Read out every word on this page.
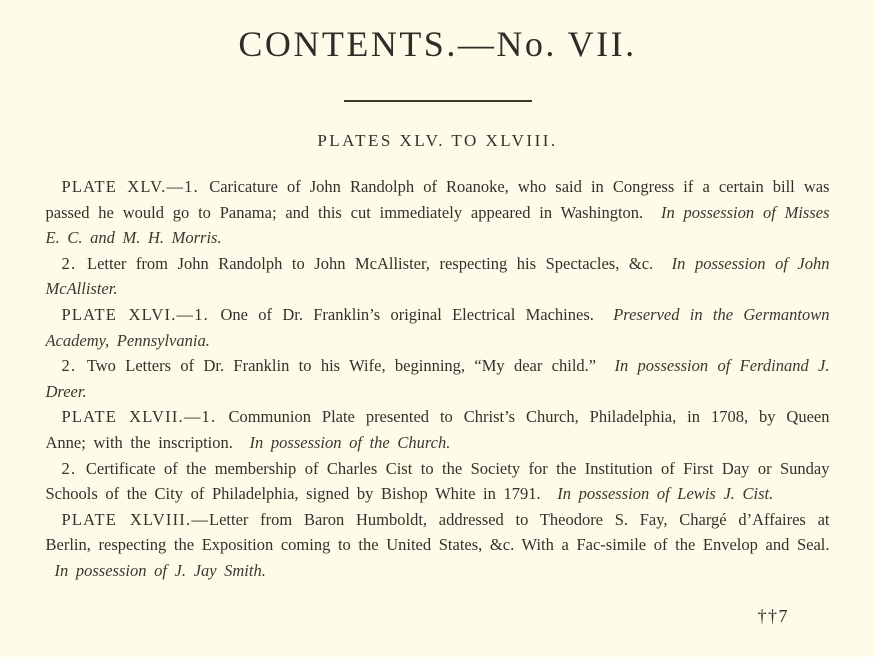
CONTENTS.—No. VII.
PLATES XLV. TO XLVIII.

PLATE XLV.—1. Caricature of John Randolph of Roanoke, who said in Congress if a certain bill was passed he would go to Panama; and this cut immediately appeared in Washington. In possession of Misses E. C. and M. H. Morris.

2. Letter from John Randolph to John McAllister, respecting his Spectacles, &c. In possession of John McAllister.

PLATE XLVI.—1. One of Dr. Franklin’s original Electrical Machines. Preserved in the Germantown Academy, Pennsylvania.

2. Two Letters of Dr. Franklin to his Wife, beginning, “My dear child.” In possession of Ferdinand J. Dreer.

PLATE XLVII.—1. Communion Plate presented to Christ’s Church, Philadelphia, in 1708, by Queen Anne; with the inscription. In possession of the Church.

2. Certificate of the membership of Charles Cist to the Society for the Institution of First Day or Sunday Schools of the City of Philadelphia, signed by Bishop White in 1791. In possession of Lewis J. Cist.

PLATE XLVIII.—Letter from Baron Humboldt, addressed to Theodore S. Fay, Chargé d’Affaires at Berlin, respecting the Exposition coming to the United States, &c. With a Fac-simile of the Envelop and Seal. In possession of J. Jay Smith.

††7
